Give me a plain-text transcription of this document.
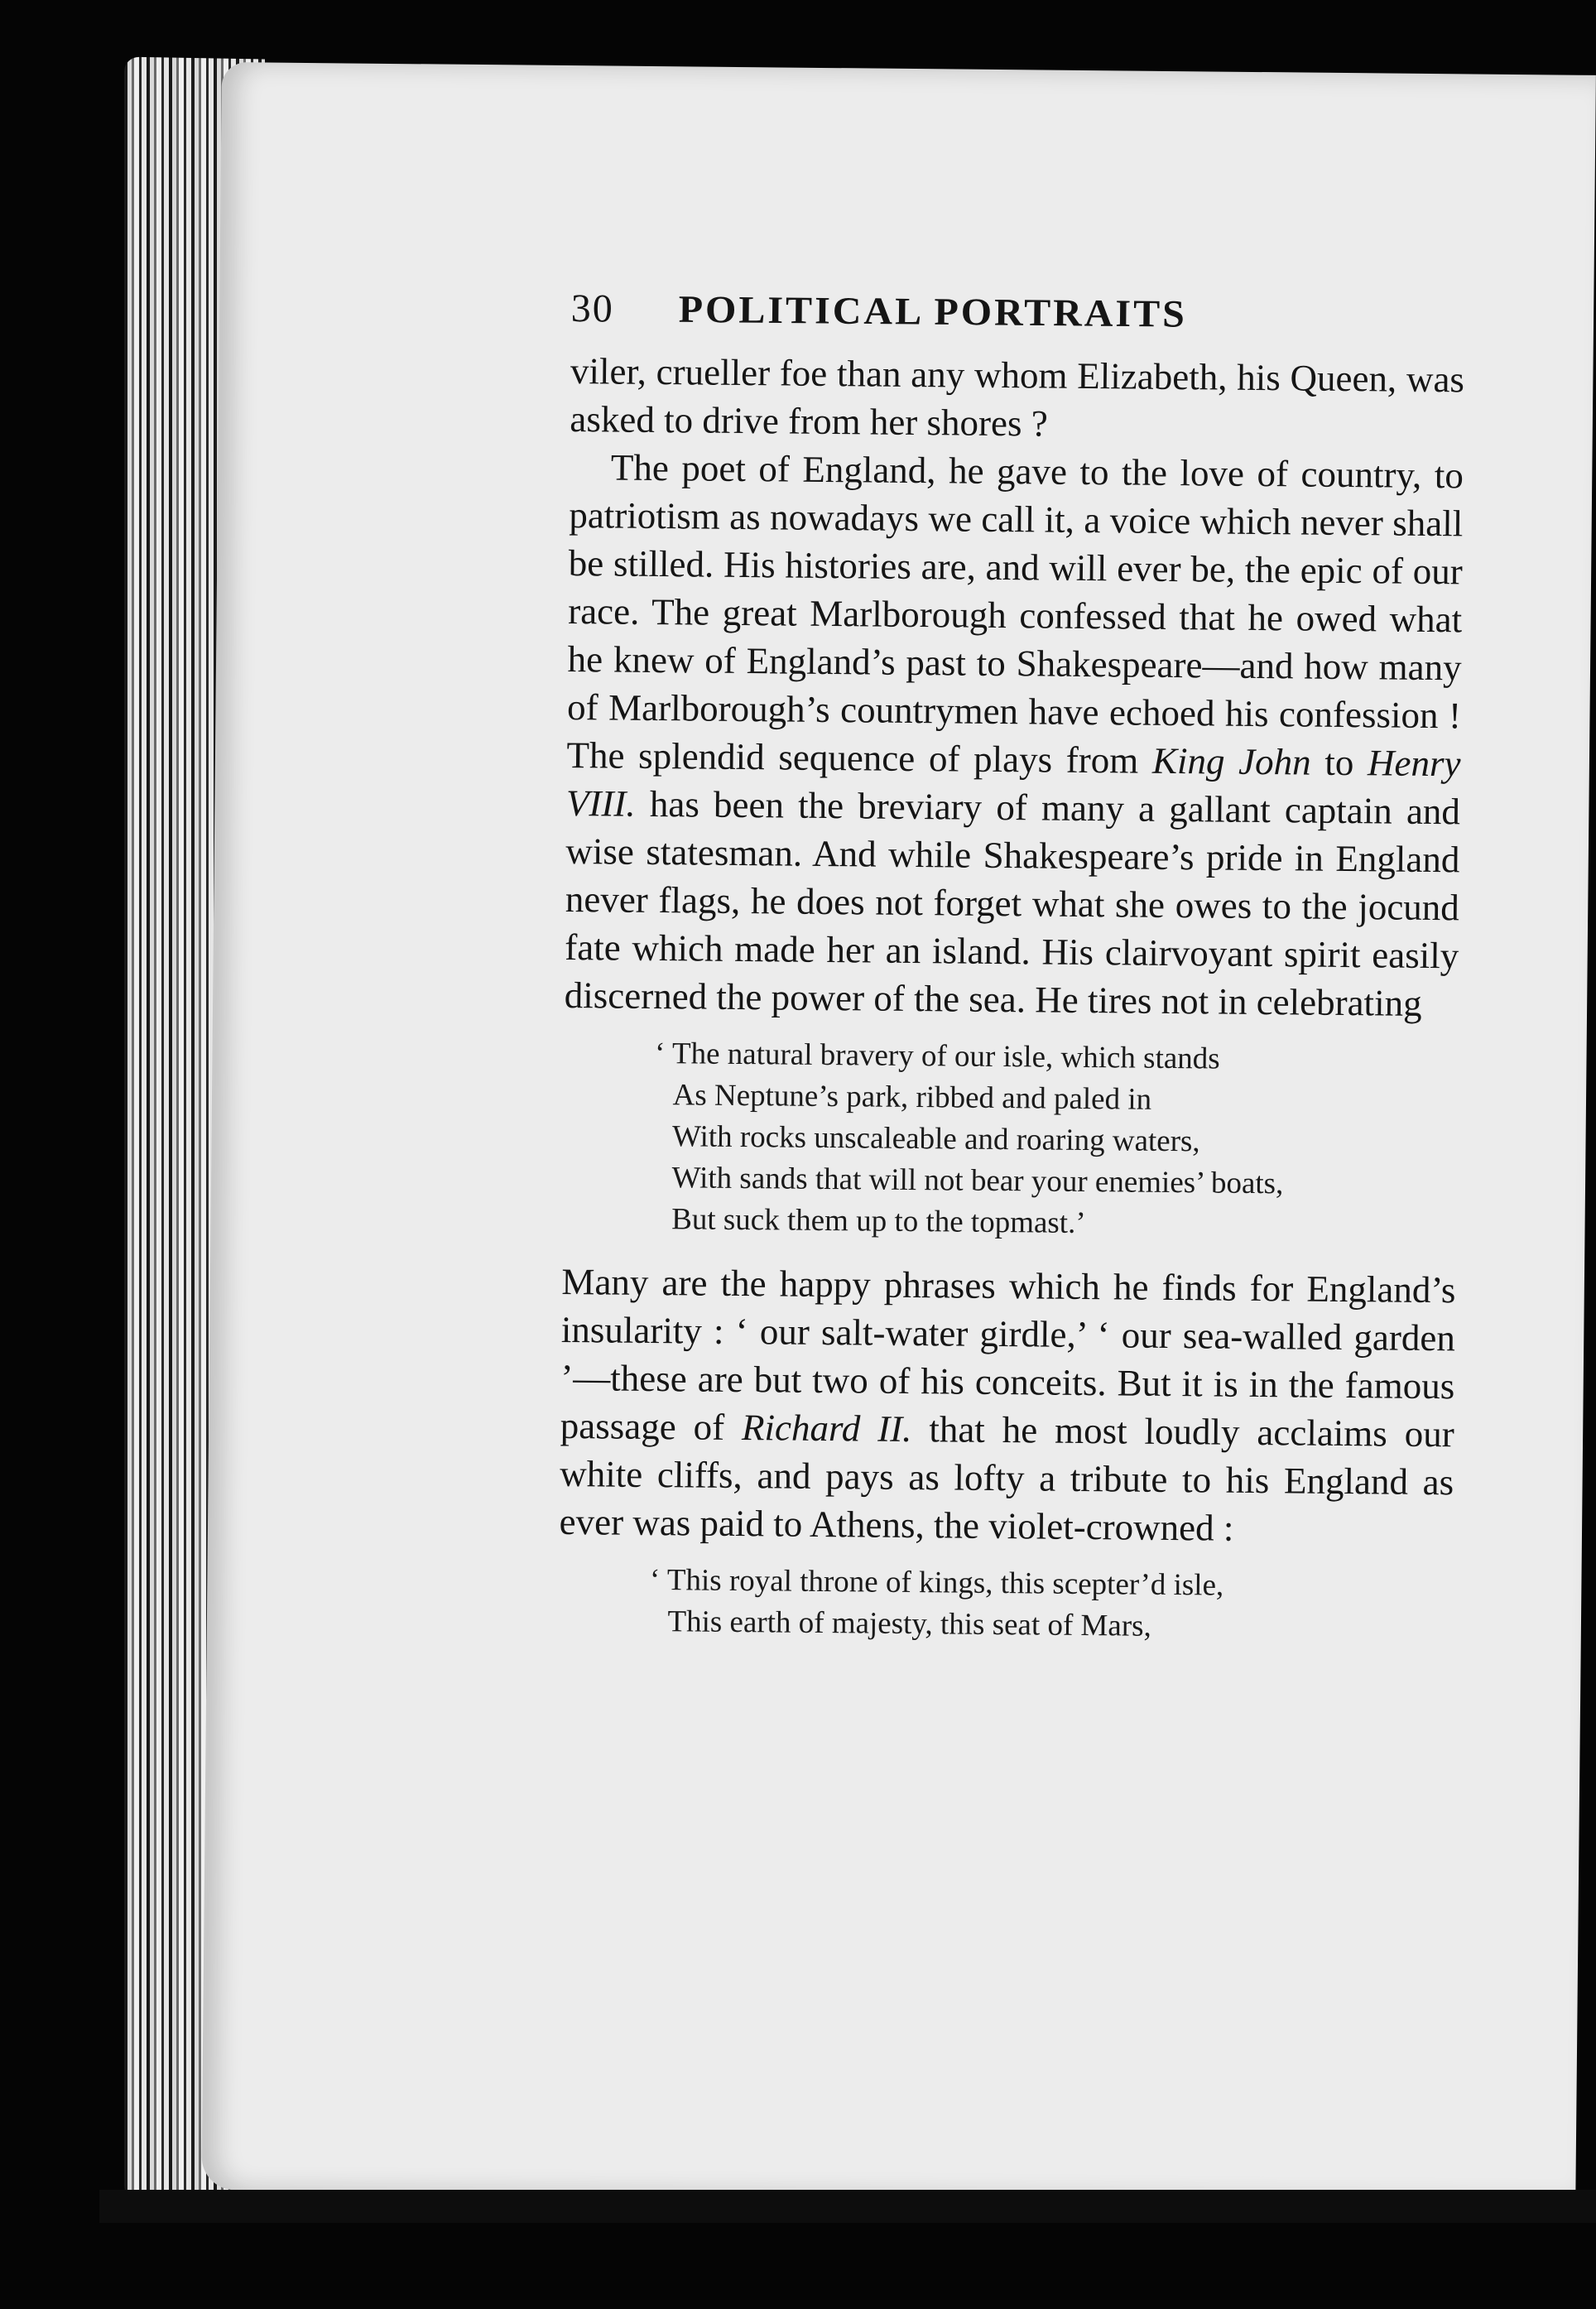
30	POLITICAL PORTRAITS

viler, crueller foe than any whom Elizabeth, his Queen, was asked to drive from her shores ?

The poet of England, he gave to the love of country, to patriotism as nowadays we call it, a voice which never shall be stilled. His histories are, and will ever be, the epic of our race. The great Marlborough confessed that he owed what he knew of England’s past to Shakespeare—and how many of Marlborough’s countrymen have echoed his confession ! The splendid sequence of plays from King John to Henry VIII. has been the breviary of many a gallant captain and wise statesman. And while Shakespeare’s pride in England never flags, he does not forget what she owes to the jocund fate which made her an island. His clairvoyant spirit easily discerned the power of the sea. He tires not in celebrating

‘ The natural bravery of our isle, which stands
As Neptune’s park, ribbed and paled in
With rocks unscaleable and roaring waters,
With sands that will not bear your enemies’ boats,
But suck them up to the topmast.’

Many are the happy phrases which he finds for England’s insularity : ‘ our salt-water girdle,’ ‘ our sea-walled garden ’—these are but two of his conceits. But it is in the famous passage of Richard II. that he most loudly acclaims our white cliffs, and pays as lofty a tribute to his England as ever was paid to Athens, the violet-crowned :

‘ This royal throne of kings, this scepter’d isle,
This earth of majesty, this seat of Mars,
